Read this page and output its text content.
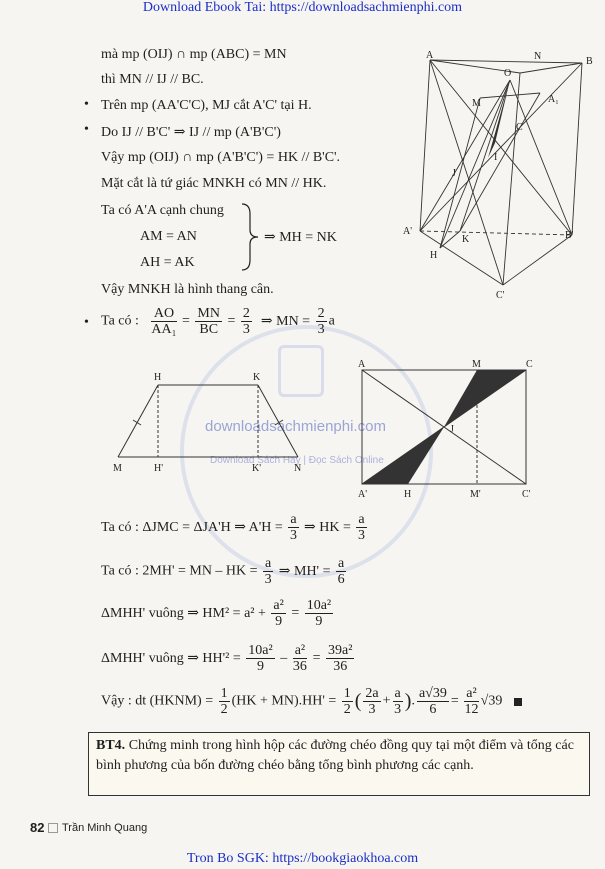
Download Ebook Tai: https://downloadsachmienphi.com
downloadsachmienphi.com
Download Sách Hay | Đọc Sách Online
mà mp (OIJ) ∩ mp (ABC) = MN
thì MN // IJ // BC.
• Trên mp (AA'C'C), MJ cắt A'C' tại H.
• Do IJ // B'C' ⇒ IJ // mp (A'B'C')
Vậy mp (OIJ) ∩ mp (A'B'C') = HK // B'C'.
Mặt cắt là tứ giác MNKH có MN // HK.
Ta có A'A cạnh chung
AM = AN	⇒ MH = NK
AH = AK
Vậy MNKH là hình thang cân.
• Ta có : $\frac{AO}{\text{AA₁}} = \frac{MN}{BC} = \frac{2}{3}$ ⇒ MN = $\frac{2}{3}$ a
A	N	B
O
M	A₁
C
I
J
A'
K	B'
H
C'
H	K
M	H'	K'	N
A	M	C
J
A'	H	M'	C'
Ta có : ΔJMC = ΔJA'H ⇒ $A'H = \frac{a}{3}$ ⇒ HK = $\frac{a}{3}$
Ta có : 2MH' = MN – HK = $\frac{a}{3}$ ⇒ $MH' = \frac{a}{6}$
ΔMHH' vuông ⇒ $HM^2 = a^2 + \frac{\text{a²}}{9} = \frac{\text{10a²}}{9}$
ΔMHH' vuông ⇒ $HH'^2 = \frac{\text{10a²}}{9} - \frac{\text{a²}}{36} = \frac{\text{39a²}}{36}$
Vậy : dt (HKNM) = $\frac{1}{2} (HK + MN).HH' = \frac{1}{2}$ ( $\frac{2a}{3} + \frac{a}{3}$ ). $\frac{a√39}{6} = \frac{\text{a²}}{12} √39$
BT4. Chứng minh trong hình hộp các đường chéo đồng quy tại một điểm và tổng các bình phương của bốn đường chéo bằng tổng bình phương các cạnh.
82 Trần Minh Quang
Tron Bo SGK: https://bookgiaokhoa.com
